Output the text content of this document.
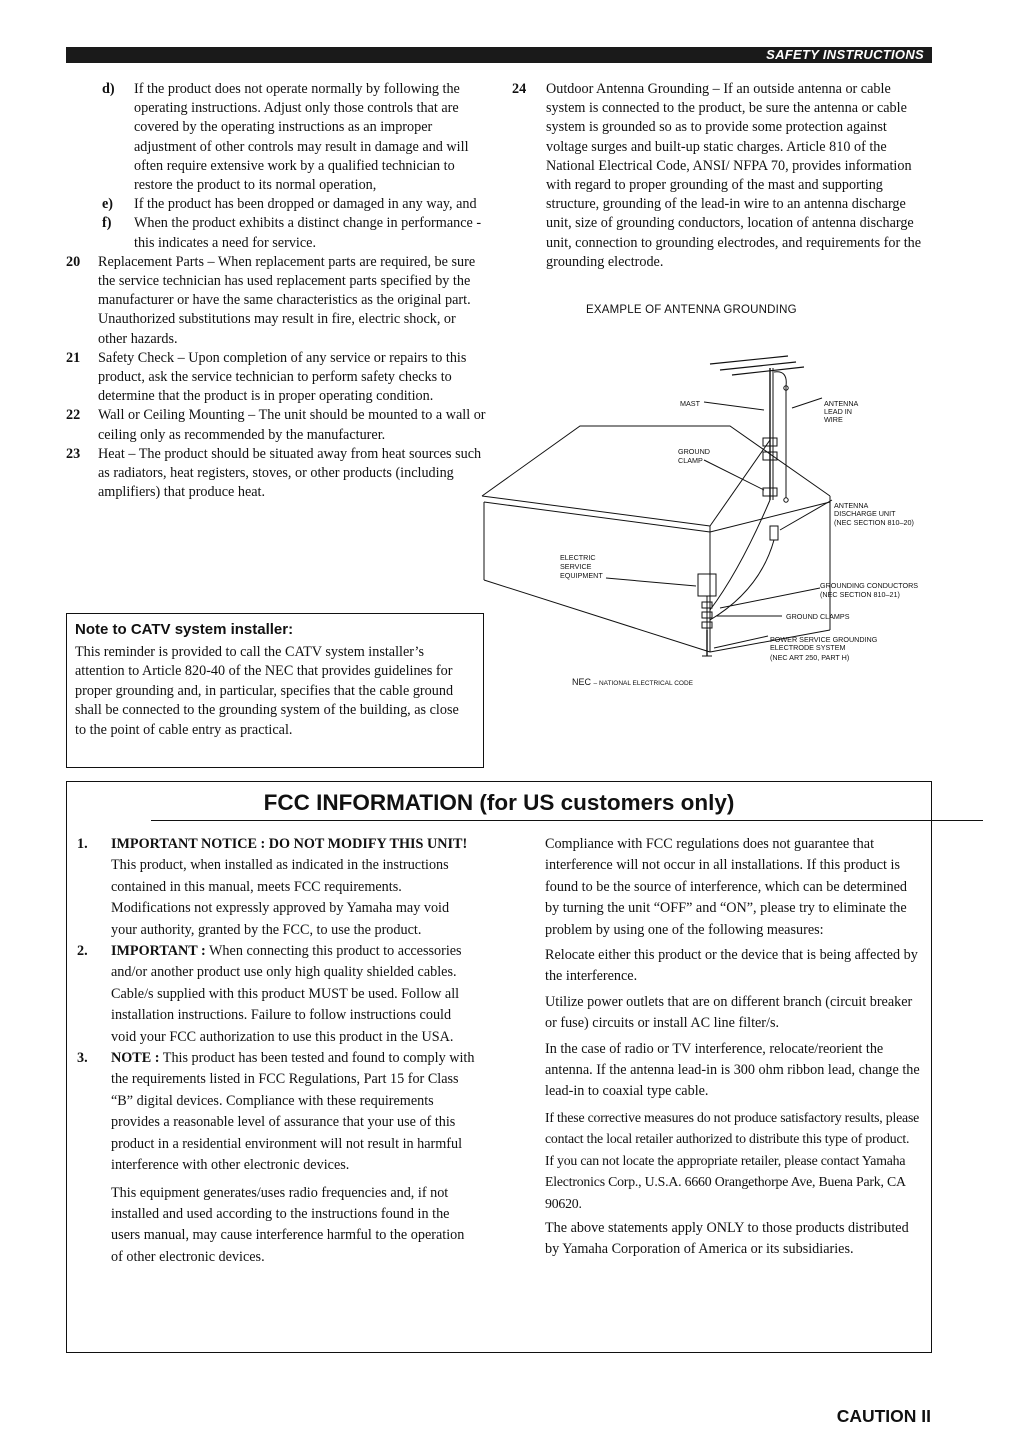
SAFETY INSTRUCTIONS
d) If the product does not operate normally by following the operating instructions. Adjust only those controls that are covered by the operating instructions as an improper adjustment of other controls may result in damage and will often require extensive work by a qualified technician to restore the product to its normal operation,
e) If the product has been dropped or damaged in any way, and
f) When the product exhibits a distinct change in performance - this indicates a need for service.
20 Replacement Parts – When replacement parts are required, be sure the service technician has used replacement parts specified by the manufacturer or have the same characteristics as the original part. Unauthorized substitutions may result in fire, electric shock, or other hazards.
21 Safety Check – Upon completion of any service or repairs to this product, ask the service technician to perform safety checks to determine that the product is in proper operating condition.
22 Wall or Ceiling Mounting – The unit should be mounted to a wall or ceiling only as recommended by the manufacturer.
23 Heat – The product should be situated away from heat sources such as radiators, heat registers, stoves, or other products (including amplifiers) that produce heat.

Note to CATV system installer:

This reminder is provided to call the CATV system installer’s attention to Article 820-40 of the NEC that provides guidelines for proper grounding and, in particular, specifies that the cable ground shall be connected to the grounding system of the building, as close to the point of cable entry as practical.

24 Outdoor Antenna Grounding – If an outside antenna or cable system is connected to the product, be sure the antenna or cable system is grounded so as to provide some protection against voltage surges and built-up static charges. Article 810 of the National Electrical Code, ANSI/ NFPA 70, provides information with regard to proper grounding of the mast and supporting structure, grounding of the lead-in wire to an antenna discharge unit, size of grounding conductors, location of antenna discharge unit, connection to grounding electrodes, and requirements for the grounding electrode.
EXAMPLE OF ANTENNA GROUNDING
MAST
GROUND
CLAMP
ANTENNA
LEAD IN
WIRE
ANTENNA
DISCHARGE UNIT
(NEC SECTION 810–20)
ELECTRIC
SERVICE
EQUIPMENT
GROUNDING CONDUCTORS
(NEC SECTION 810–21)
GROUND CLAMPS
POWER SERVICE GROUNDING
ELECTRODE SYSTEM
(NEC ART 250, PART H)
NEC – NATIONAL ELECTRICAL CODE
FCC INFORMATION (for US customers only)
1. IMPORTANT NOTICE : DO NOT MODIFY THIS UNIT!
This product, when installed as indicated in the instructions contained in this manual, meets FCC requirements. Modifications not expressly approved by Yamaha may void your authority, granted by the FCC, to use the product.
2. IMPORTANT : When connecting this product to accessories and/or another product use only high quality shielded cables. Cable/s supplied with this product MUST be used. Follow all installation instructions. Failure to follow instructions could void your FCC authorization to use this product in the USA.
3. NOTE : This product has been tested and found to comply with the requirements listed in FCC Regulations, Part 15 for Class “B” digital devices. Compliance with these requirements provides a reasonable level of assurance that your use of this product in a residential environment will not result in harmful interference with other electronic devices.

This equipment generates/uses radio frequencies and, if not installed and used according to the instructions found in the users manual, may cause interference harmful to the operation of other electronic devices.

Compliance with FCC regulations does not guarantee that interference will not occur in all installations. If this product is found to be the source of interference, which can be determined by turning the unit “OFF” and “ON”, please try to eliminate the problem by using one of the following measures:

Relocate either this product or the device that is being affected by the interference.

Utilize power outlets that are on different branch (circuit breaker or fuse) circuits or install AC line filter/s.

In the case of radio or TV interference, relocate/reorient the antenna. If the antenna lead-in is 300 ohm ribbon lead, change the lead-in to coaxial type cable.

If these corrective measures do not produce satisfactory results, please contact the local retailer authorized to distribute this type of product. If you can not locate the appropriate retailer, please contact Yamaha Electronics Corp., U.S.A. 6660 Orangethorpe Ave, Buena Park, CA 90620.

The above statements apply ONLY to those products distributed by Yamaha Corporation of America or its subsidiaries.

CAUTION II
